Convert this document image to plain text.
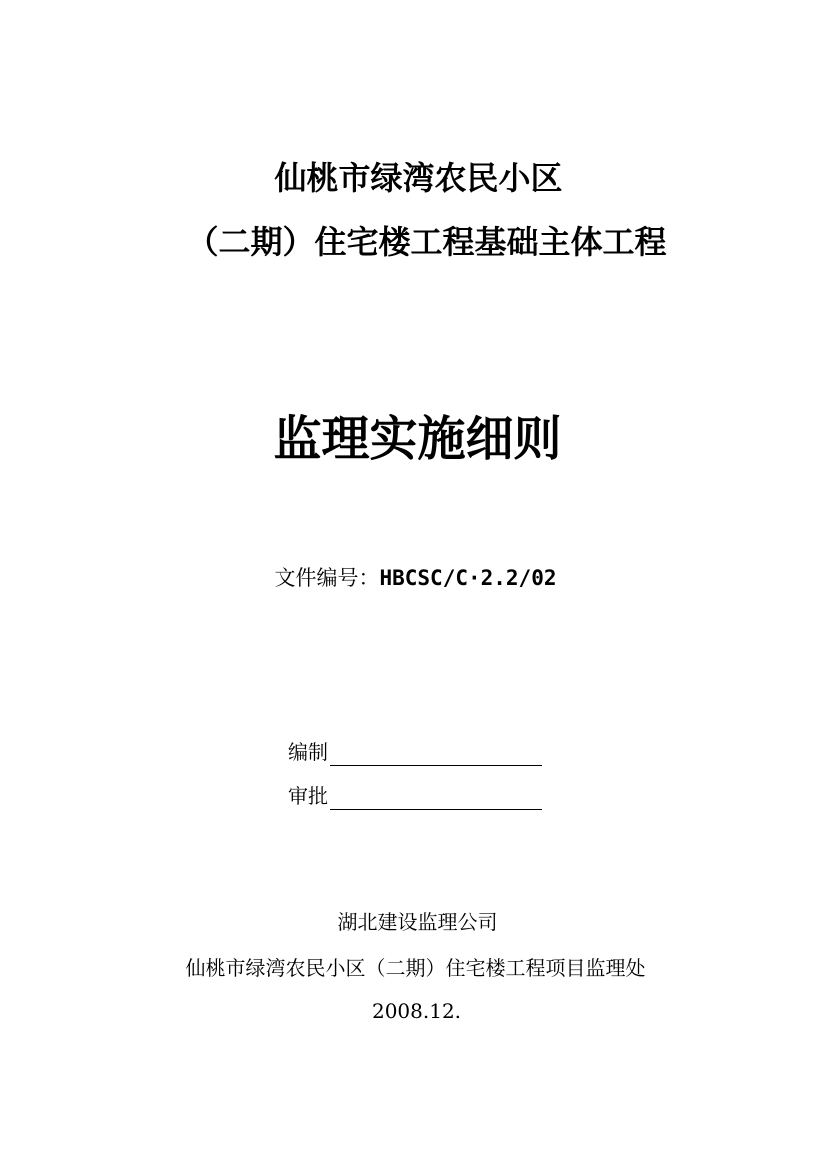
仙桃市绿湾农民小区
（二期）住宅楼工程基础主体工程
监理实施细则
文件编号：HBCSC/C·2.2/02
编制
审批
湖北建设监理公司
仙桃市绿湾农民小区（二期）住宅楼工程项目监理处
2008.12.
